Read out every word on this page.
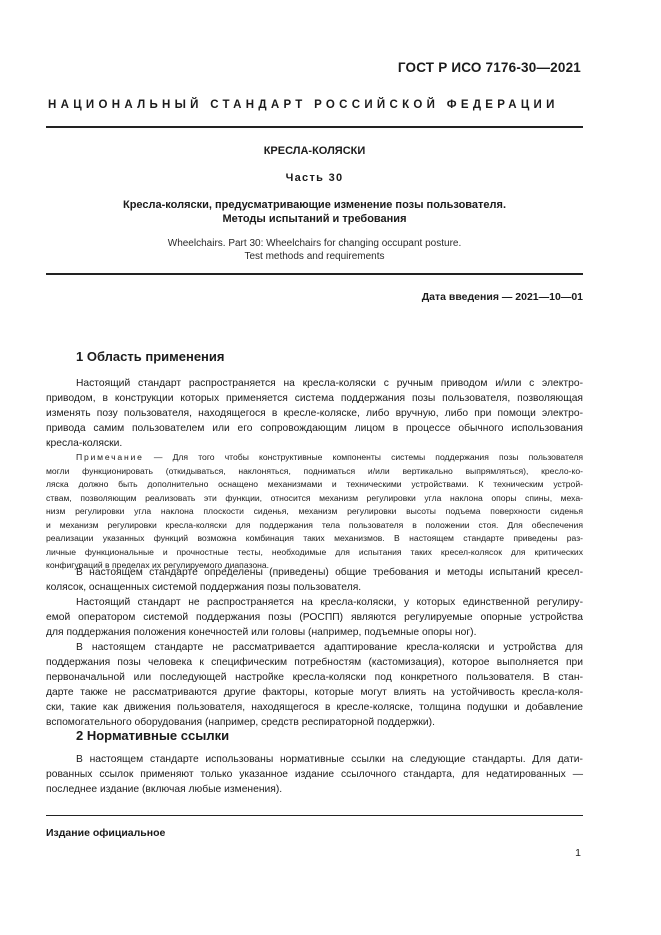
ГОСТ Р ИСО 7176-30—2021
НАЦИОНАЛЬНЫЙ СТАНДАРТ РОССИЙСКОЙ ФЕДЕРАЦИИ
КРЕСЛА-КОЛЯСКИ
Часть 30
Кресла-коляски, предусматривающие изменение позы пользователя.
Методы испытаний и требования
Wheelchairs. Part 30: Wheelchairs for changing occupant posture.
Test methods and requirements
Дата введения — 2021—10—01
1 Область применения
Настоящий стандарт распространяется на кресла-коляски с ручным приводом и/или с электро-
приводом, в конструкции которых применяется система поддержания позы пользователя, позволяющая
изменять позу пользователя, находящегося в кресле-коляске, либо вручную, либо при помощи электро-
привода самим пользователем или его сопровождающим лицом в процессе обычного использования
кресла-коляски.
Примечание — Для того чтобы конструктивные компоненты системы поддержания позы пользователя
могли функционировать (откидываться, наклоняться, подниматься и/или вертикально выпрямляться), кресло-ко-
ляска должно быть дополнительно оснащено механизмами и техническими устройствами. К техническим устрой-
ствам, позволяющим реализовать эти функции, относится механизм регулировки угла наклона опоры спины, меха-
низм регулировки угла наклона плоскости сиденья, механизм регулировки высоты подъема поверхности сиденья
и механизм регулировки кресла-коляски для поддержания тела пользователя в положении стоя. Для обеспечения
реализации указанных функций возможна комбинация таких механизмов. В настоящем стандарте приведены раз-
личные функциональные и прочностные тесты, необходимые для испытания таких кресел-колясок для критических
конфигураций в пределах их регулируемого диапазона.
В настоящем стандарте определены (приведены) общие требования и методы испытаний кресел-
колясок, оснащенных системой поддержания позы пользователя.
Настоящий стандарт не распространяется на кресла-коляски, у которых единственной регулиру-
емой оператором системой поддержания позы (РОСПП) являются регулируемые опорные устройства
для поддержания положения конечностей или головы (например, подъемные опоры ног).
В настоящем стандарте не рассматривается адаптирование кресла-коляски и устройства для
поддержания позы человека к специфическим потребностям (кастомизация), которое выполняется при
первоначальной или последующей настройке кресла-коляски под конкретного пользователя. В стан-
дарте также не рассматриваются другие факторы, которые могут влиять на устойчивость кресла-коля-
ски, такие как движения пользователя, находящегося в кресле-коляске, толщина подушки и добавление
вспомогательного оборудования (например, средств респираторной поддержки).
2 Нормативные ссылки
В настоящем стандарте использованы нормативные ссылки на следующие стандарты. Для дати-
рованных ссылок применяют только указанное издание ссылочного стандарта, для недатированных —
последнее издание (включая любые изменения).
Издание официальное
1
